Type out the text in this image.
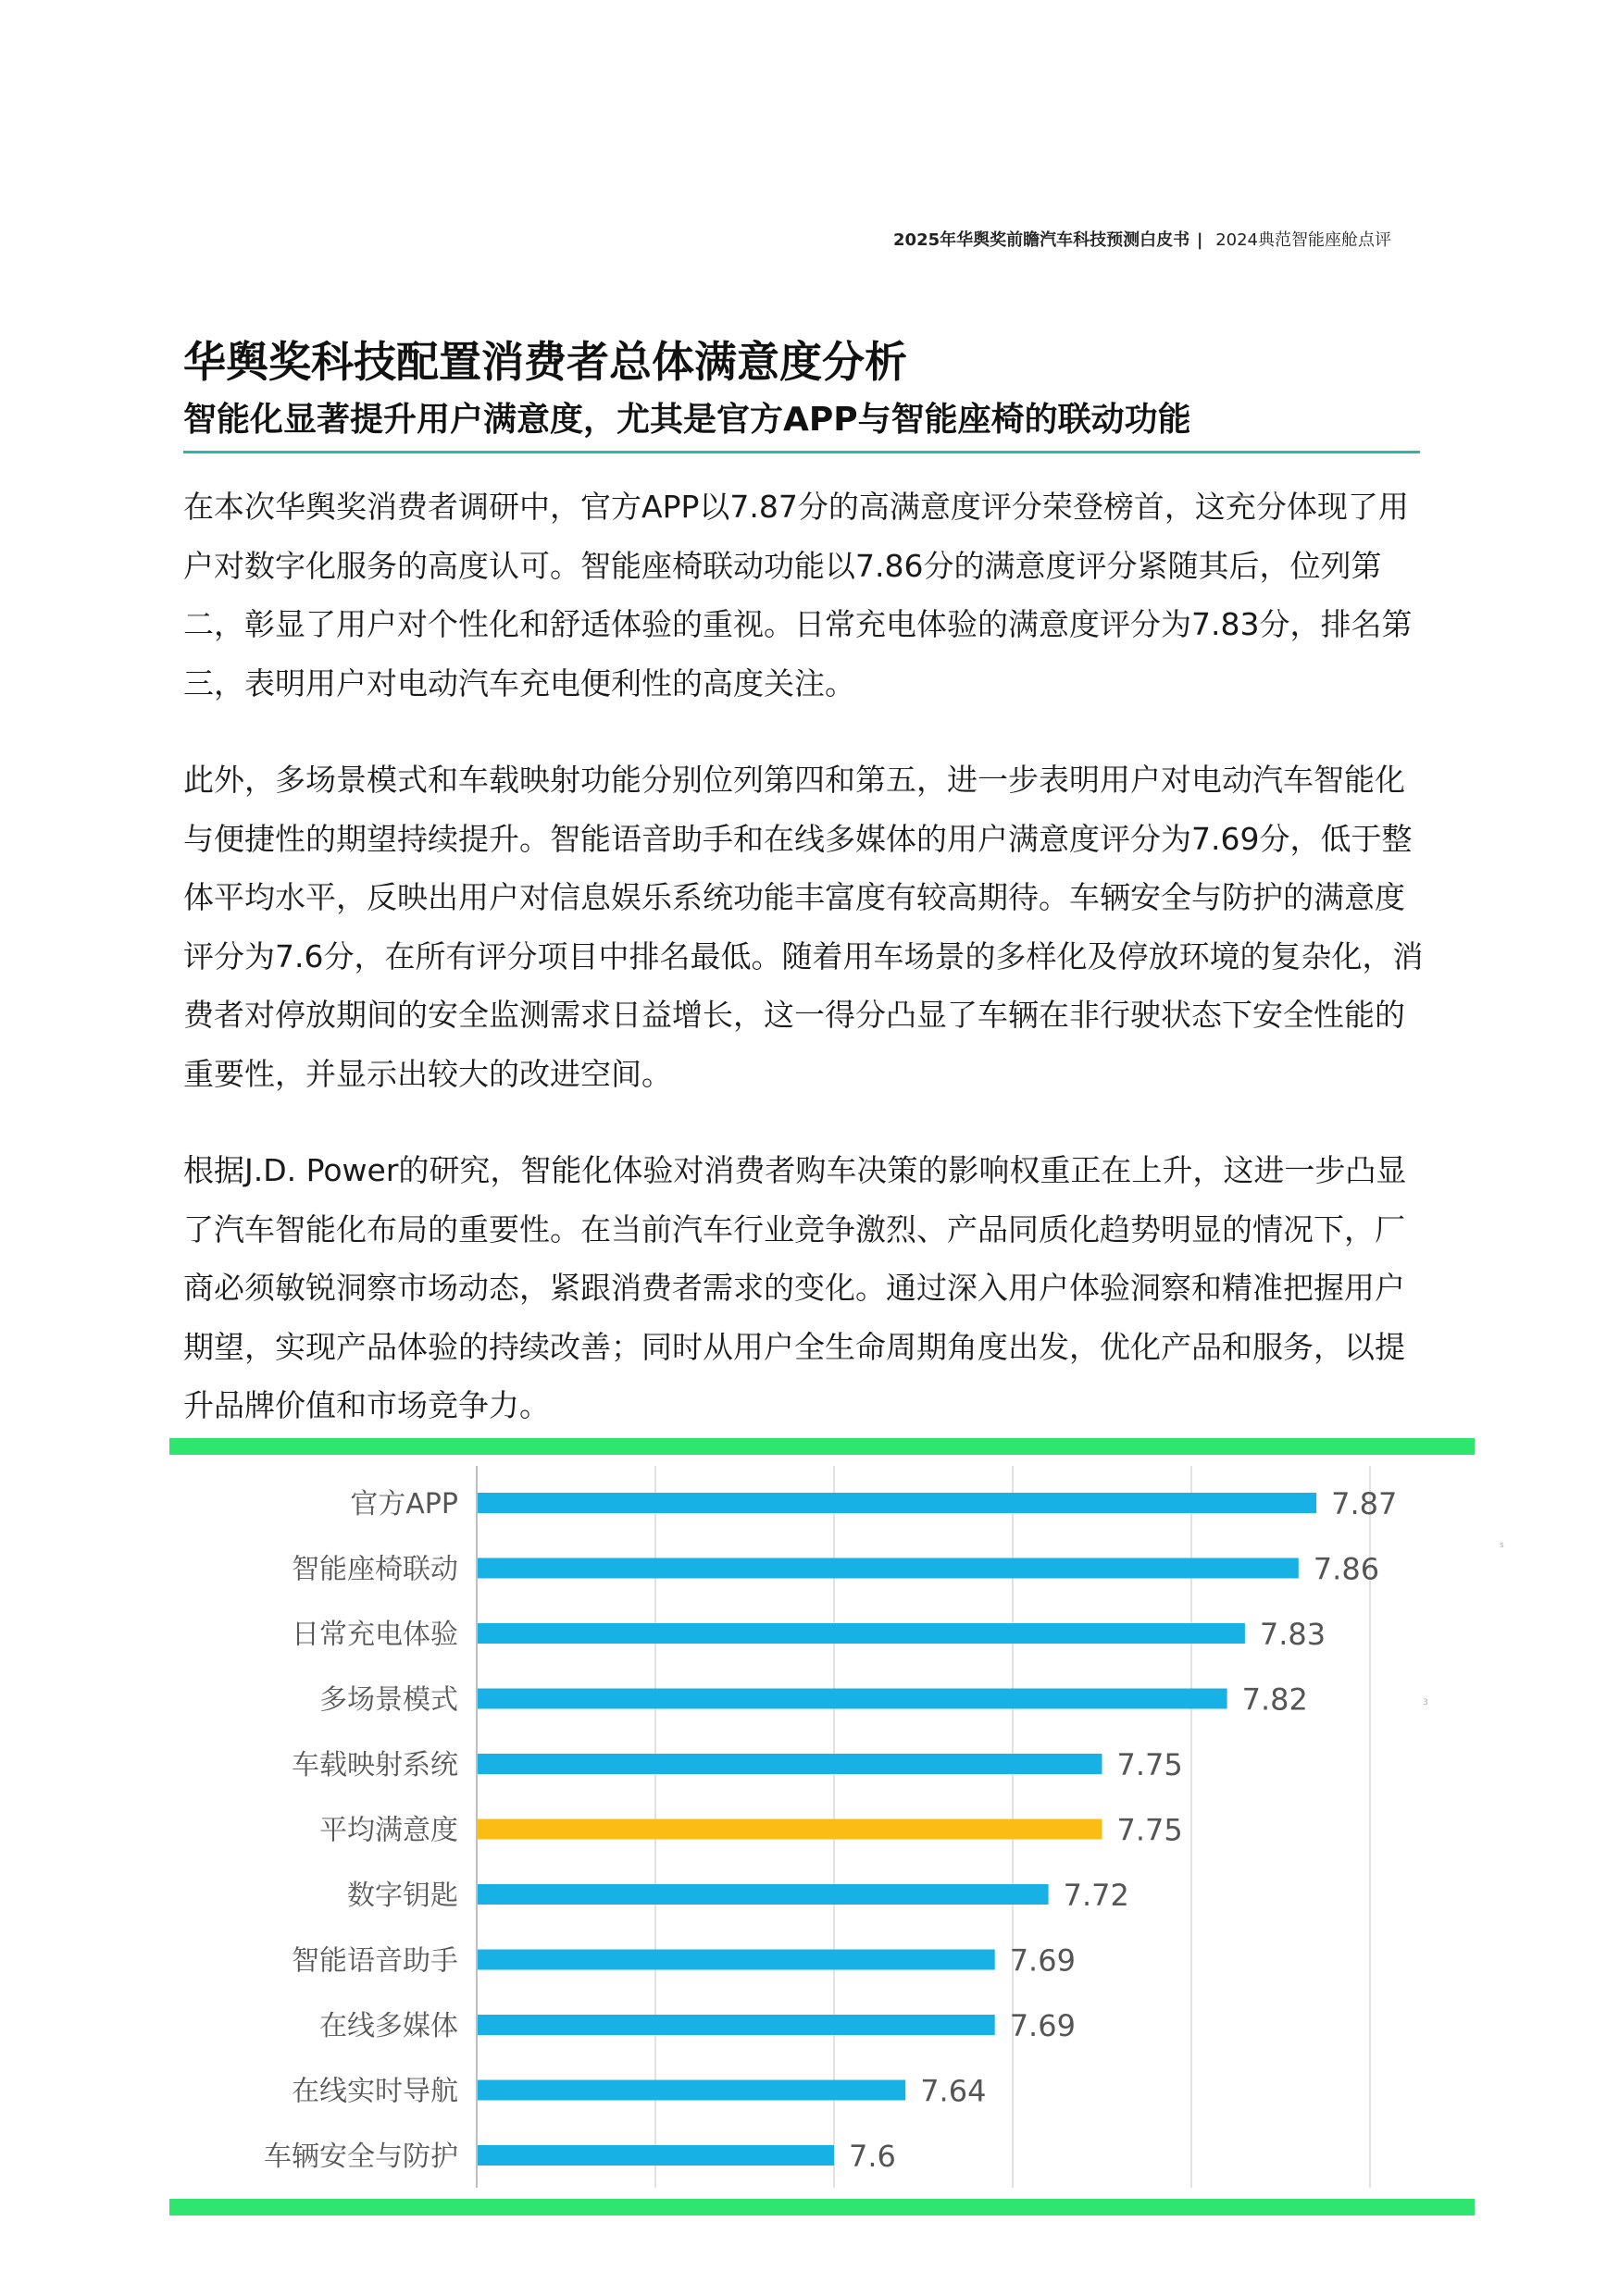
2025年华舆奖前瞻汽车科技预测白皮书 | 2024典范智能座舱点评
华舆奖科技配置消费者总体满意度分析
智能化显著提升用户满意度，尤其是官方APP与智能座椅的联动功能
在本次华舆奖消费者调研中，官方APP以7.87分的高满意度评分荣登榜首，这充分体现了用户对数字化服务的高度认可。智能座椅联动功能以7.86分的满意度评分紧随其后，位列第二，彰显了用户对个性化和舒适体验的重视。日常充电体验的满意度评分为7.83分，排名第三，表明用户对电动汽车充电便利性的高度关注。
此外，多场景模式和车载映射功能分别位列第四和第五，进一步表明用户对电动汽车智能化与便捷性的期望持续提升。智能语音助手和在线多媒体的用户满意度评分为7.69分，低于整体平均水平，反映出用户对信息娱乐系统功能丰富度有较高期待。车辆安全与防护的满意度评分为7.6分，在所有评分项目中排名最低。随着用车场景的多样化及停放环境的复杂化，消费者对停放期间的安全监测需求日益增长，这一得分凸显了车辆在非行驶状态下安全性能的重要性，并显示出较大的改进空间。
根据J.D. Power的研究，智能化体验对消费者购车决策的影响权重正在上升，这进一步凸显了汽车智能化布局的重要性。在当前汽车行业竞争激烈、产品同质化趋势明显的情况下，厂商必须敏锐洞察市场动态，紧跟消费者需求的变化。通过深入用户体验洞察和精准把握用户期望，实现产品体验的持续改善；同时从用户全生命周期角度出发，优化产品和服务，以提升品牌价值和市场竞争力。
官方APP	7.87
智能座椅联动	7.86
日常充电体验	7.83
多场景模式	7.82
车载映射系统	7.75
平均满意度	7.75
数字钥匙	7.72
智能语音助手	7.69
在线多媒体	7.69
在线实时导航	7.64
车辆安全与防护	7.6
s
3
